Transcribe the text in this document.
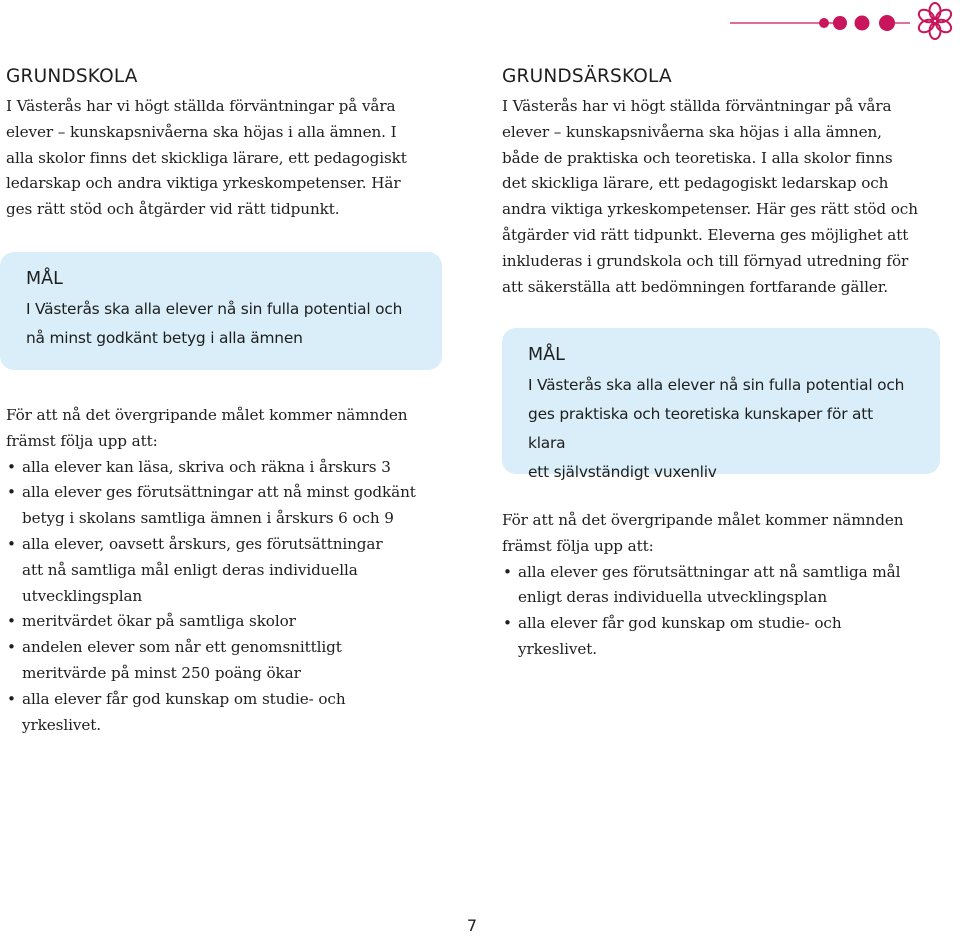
GRUNDSKOLA

I Västerås har vi högt ställda förväntningar på våra
elever – kunskapsnivåerna ska höjas i alla ämnen. I
alla skolor finns det skickliga lärare, ett pedagogiskt
ledarskap och andra viktiga yrkeskompetenser. Här
ges rätt stöd och åtgärder vid rätt tidpunkt.

MÅL

I Västerås ska alla elever nå sin fulla potential och
nå minst godkänt betyg i alla ämnen

För att nå det övergripande målet kommer nämnden
främst följa upp att:

• alla elever kan läsa, skriva och räkna i årskurs 3
• alla elever ges förutsättningar att nå minst godkänt
betyg i skolans samtliga ämnen i årskurs 6 och 9
• alla elever, oavsett årskurs, ges förutsättningar
att nå samtliga mål enligt deras individuella
utvecklingsplan
• meritvärdet ökar på samtliga skolor
• andelen elever som når ett genomsnittligt
meritvärde på minst 250 poäng ökar
• alla elever får god kunskap om studie- och
yrkeslivet.
GRUNDSÄRSKOLA

I Västerås har vi högt ställda förväntningar på våra
elever – kunskapsnivåerna ska höjas i alla ämnen,
både de praktiska och teoretiska. I alla skolor finns
det skickliga lärare, ett pedagogiskt ledarskap och
andra viktiga yrkeskompetenser. Här ges rätt stöd och
åtgärder vid rätt tidpunkt. Eleverna ges möjlighet att
inkluderas i grundskola och till förnyad utredning för
att säkerställa att bedömningen fortfarande gäller.

MÅL

I Västerås ska alla elever nå sin fulla potential och
ges praktiska och teoretiska kunskaper för att klara
ett självständigt vuxenliv

För att nå det övergripande målet kommer nämnden
främst följa upp att:

• alla elever ges förutsättningar att nå samtliga mål
enligt deras individuella utvecklingsplan
• alla elever får god kunskap om studie- och
yrkeslivet.
7
